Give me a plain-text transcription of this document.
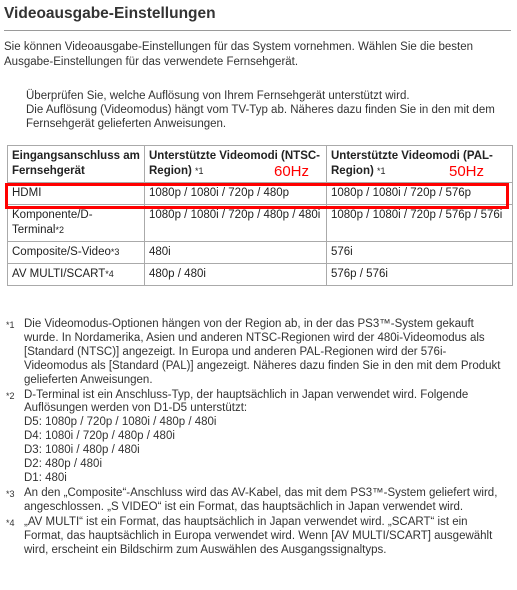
Videoausgabe-Einstellungen
Sie können Videoausgabe-Einstellungen für das System vornehmen. Wählen Sie die besten Ausgabe-Einstellungen für das verwendete Fernsehgerät.
Überprüfen Sie, welche Auflösung von Ihrem Fernsehgerät unterstützt wird.
Die Auflösung (Videomodus) hängt vom TV-Typ ab. Näheres dazu finden Sie in den mit dem Fernsehgerät gelieferten Anweisungen.
Eingangsanschluss am Fernsehgerät	Unterstützte Videomodi (NTSC-Region) *1	Unterstützte Videomodi (PAL-Region) *1
HDMI	1080p / 1080i / 720p / 480p	1080p / 1080i / 720p / 576p
Komponente/D-Terminal*2	1080p / 1080i / 720p / 480p / 480i	1080p / 1080i / 720p / 576p / 576i
Composite/S-Video*3	480i	576i
AV MULTI/SCART*4	480p / 480i	576p / 576i
60Hz	50Hz
*1 Die Videomodus-Optionen hängen von der Region ab, in der das PS3™-System gekauft wurde. In Nordamerika, Asien und anderen NTSC-Regionen wird der 480i-Videomodus als [Standard (NTSC)] angezeigt. In Europa und anderen PAL-Regionen wird der 576i-Videomodus als [Standard (PAL)] angezeigt. Näheres dazu finden Sie in den mit dem Produkt gelieferten Anweisungen.
*2 D-Terminal ist ein Anschluss-Typ, der hauptsächlich in Japan verwendet wird. Folgende Auflösungen werden von D1-D5 unterstützt:
D5: 1080p / 720p / 1080i / 480p / 480i
D4: 1080i / 720p / 480p / 480i
D3: 1080i / 480p / 480i
D2: 480p / 480i
D1: 480i
*3 An den „Composite“-Anschluss wird das AV-Kabel, das mit dem PS3™-System geliefert wird, angeschlossen. „S VIDEO“ ist ein Format, das hauptsächlich in Japan verwendet wird.
*4 „AV MULTI“ ist ein Format, das hauptsächlich in Japan verwendet wird. „SCART“ ist ein Format, das hauptsächlich in Europa verwendet wird. Wenn [AV MULTI/SCART] ausgewählt wird, erscheint ein Bildschirm zum Auswählen des Ausgangssignaltyps.
